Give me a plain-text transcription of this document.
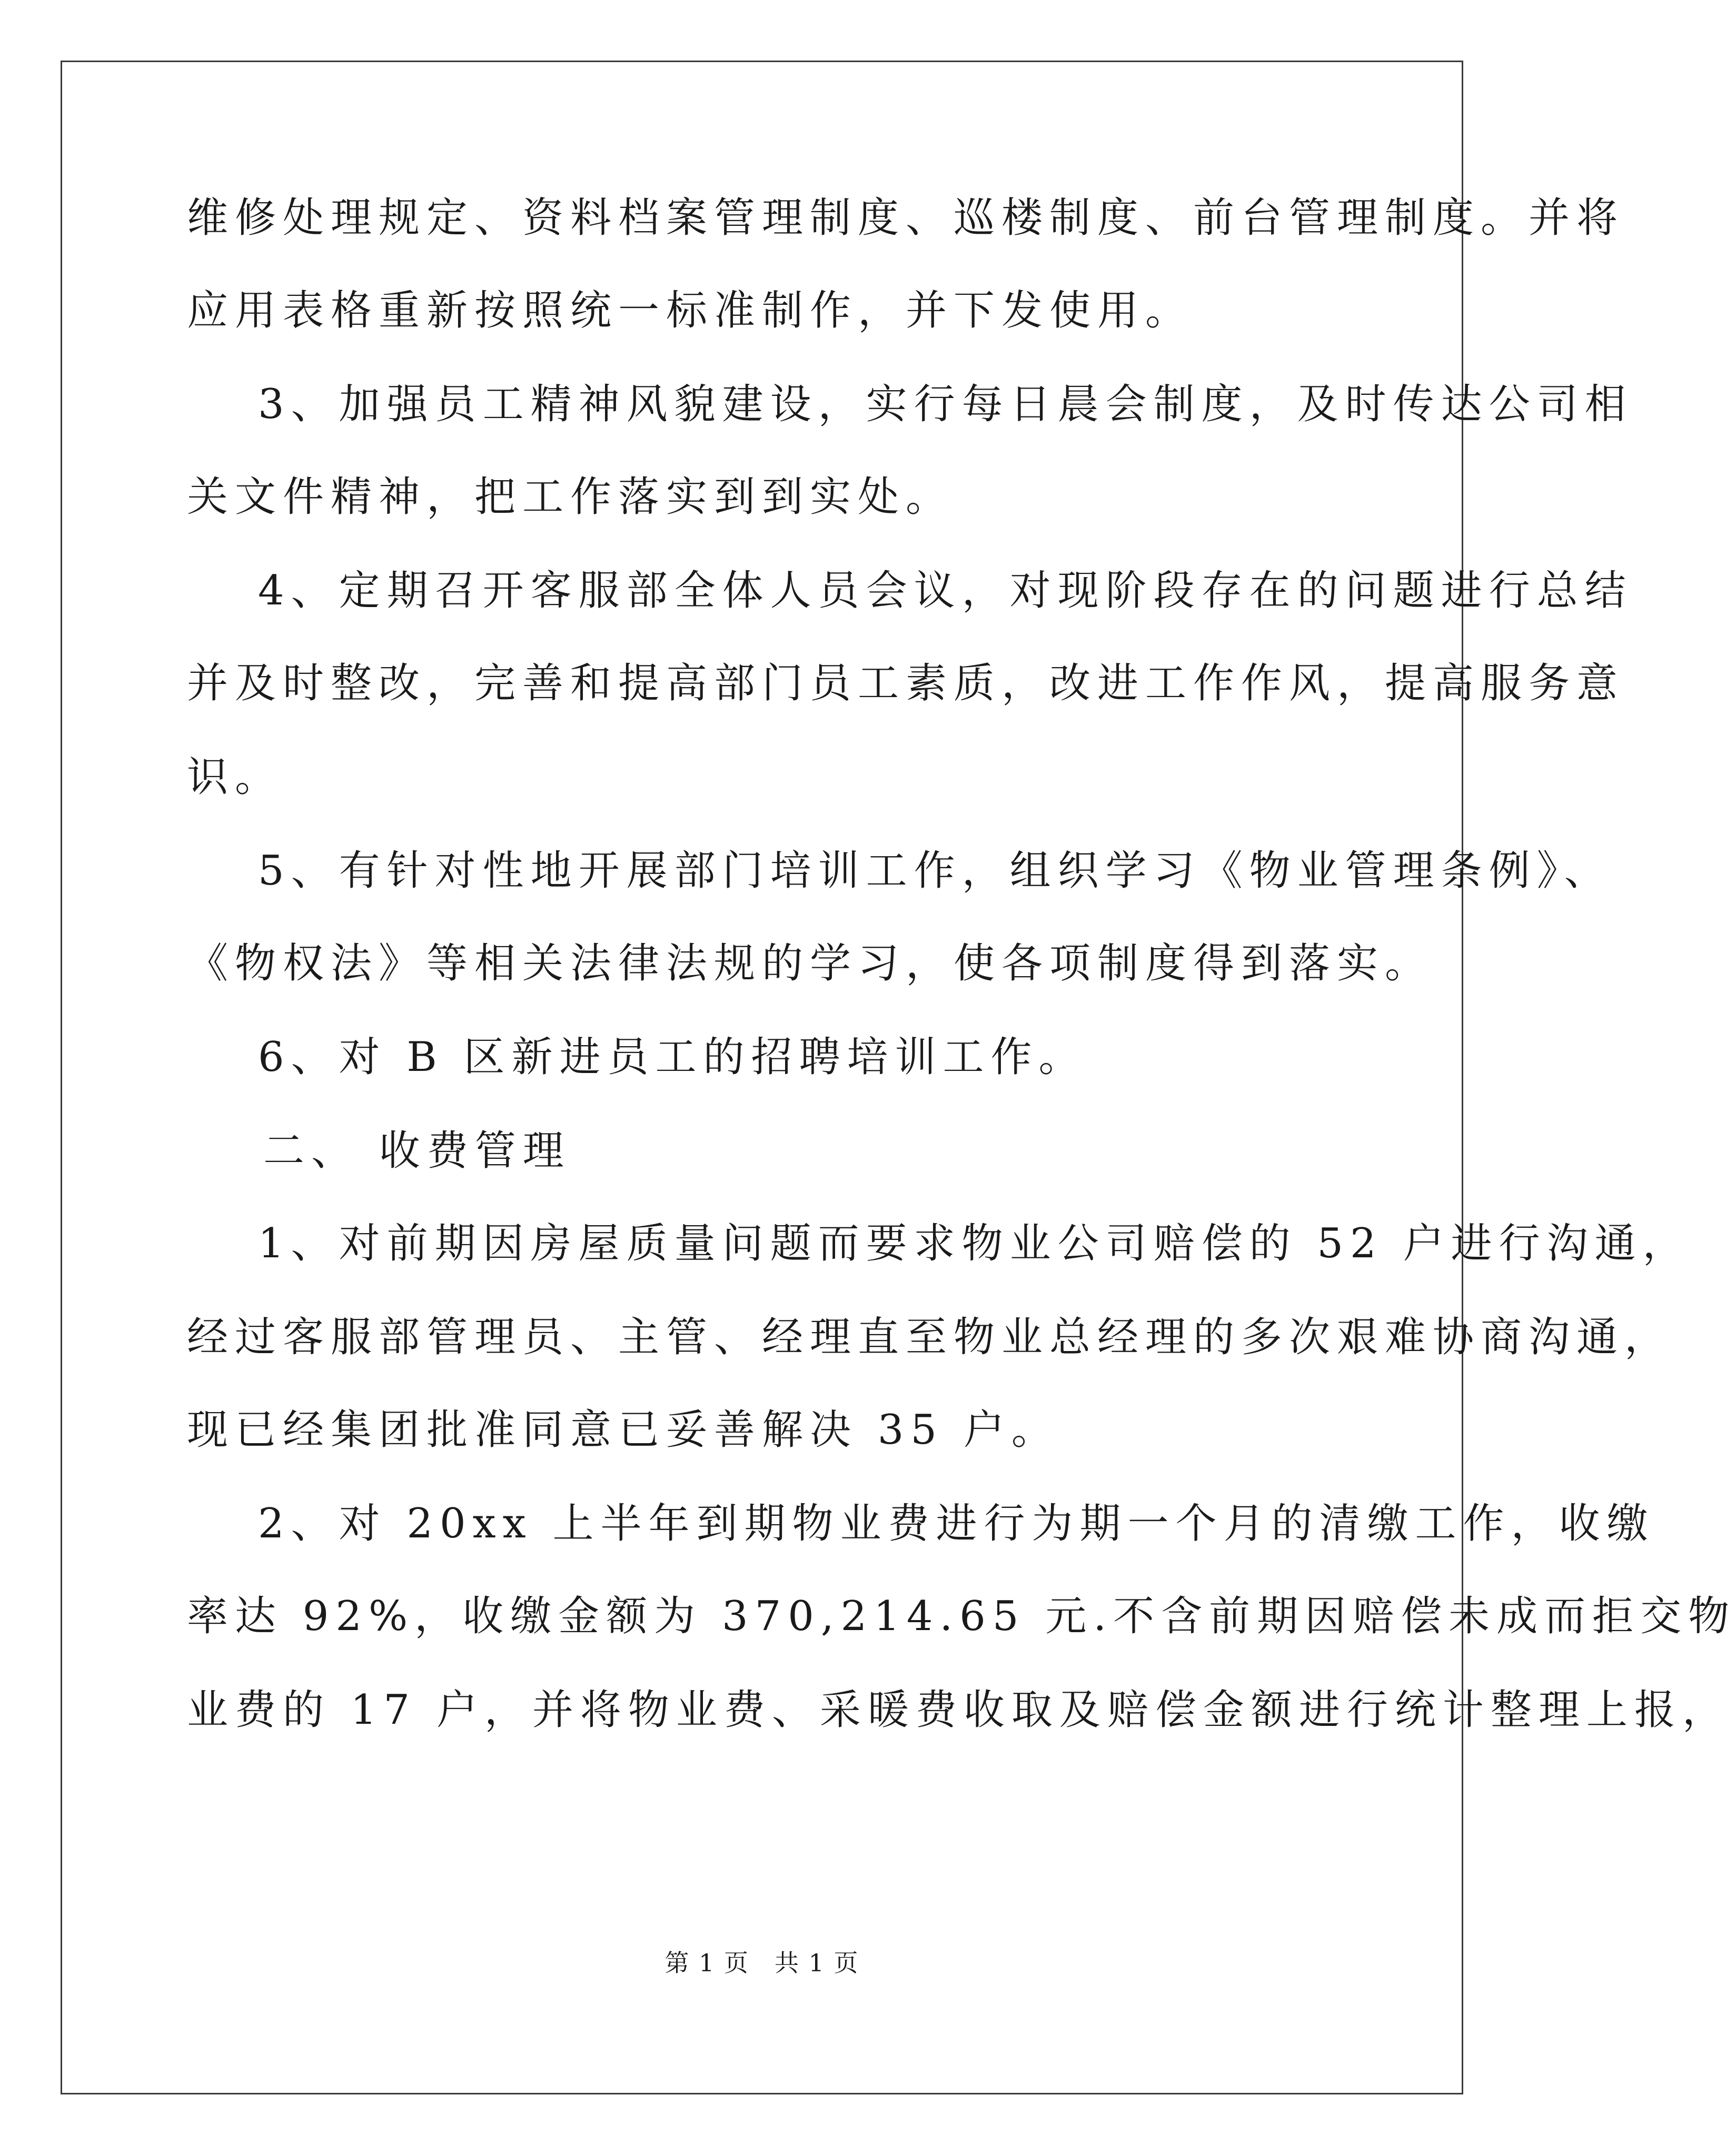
维修处理规定、资料档案管理制度、巡楼制度、前台管理制度。并将

应用表格重新按照统一标准制作，并下发使用。

3、加强员工精神风貌建设，实行每日晨会制度，及时传达公司相

关文件精神，把工作落实到到实处。

4、定期召开客服部全体人员会议，对现阶段存在的问题进行总结

并及时整改，完善和提高部门员工素质，改进工作作风，提高服务意

识。

5、有针对性地开展部门培训工作，组织学习《物业管理条例》、

《物权法》等相关法律法规的学习，使各项制度得到落实。

6、对 B 区新进员工的招聘培训工作。

二、 收费管理

1、对前期因房屋质量问题而要求物业公司赔偿的 52 户进行沟通，

经过客服部管理员、主管、经理直至物业总经理的多次艰难协商沟通，

现已经集团批准同意已妥善解决 35 户。

2、对 20xx 上半年到期物业费进行为期一个月的清缴工作，收缴

率达 92%，收缴金额为 370,214.65 元.不含前期因赔偿未成而拒交物

业费的 17 户，并将物业费、采暖费收取及赔偿金额进行统计整理上报，

第 1 页　共 1 页
